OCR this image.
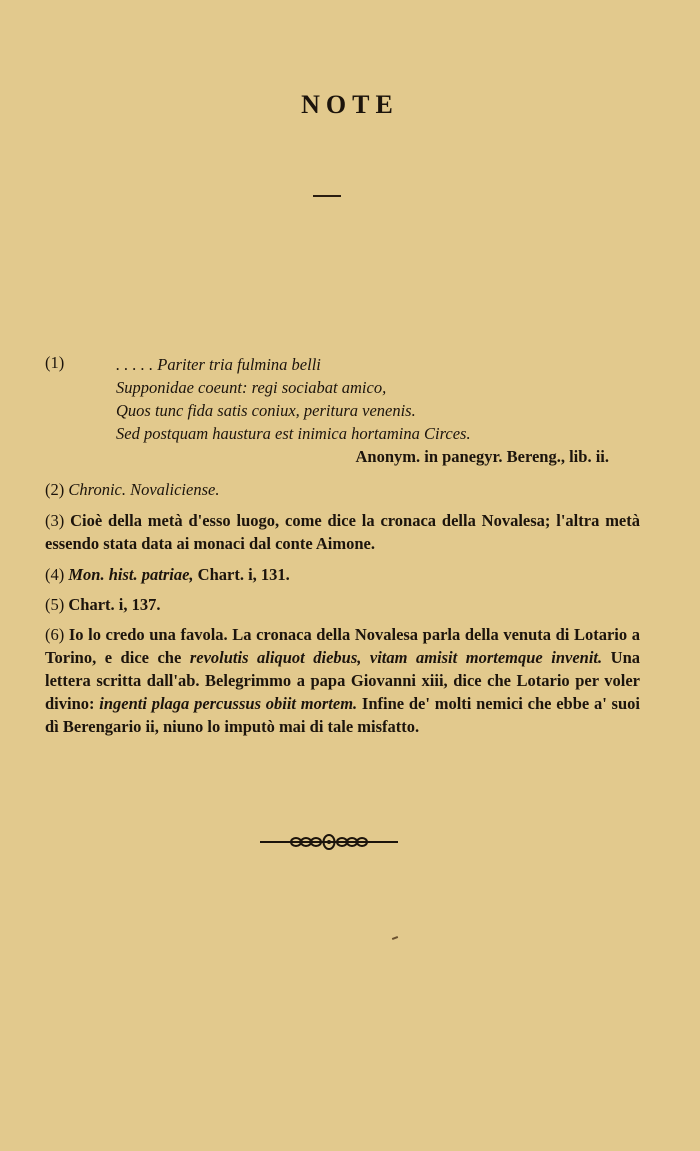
NOTE
(1)	. . . . . Pariter tria fulmina belli
Supponidae coeunt: regi sociabat amico,
Quos tunc fida satis coniux, peritura venenis.
Sed postquam haustura est inimica hortamina Circes.
Anonym. in panegyr. Bereng., lib. ii.
(2) Chronic. Novaliciense.
(3) Cioè della metà d'esso luogo, come dice la cronaca della Novalesa; l'altra metà essendo stata data ai monaci dal conte Aimone.
(4) Mon. hist. patriae, Chart. i, 131.
(5) Chart. i, 137.
(6) Io lo credo una favola. La cronaca della Novalesa parla della venuta di Lotario a Torino, e dice che revolutis aliquot diebus, vitam amisit mortemque invenit. Una lettera scritta dall'ab. Belegrimmo a papa Giovanni xiii, dice che Lotario per voler divino: ingenti plaga percussus obiit mortem. Infine de' molti nemici che ebbe a' suoi dì Berengario ii, niuno lo imputò mai di tale misfatto.
